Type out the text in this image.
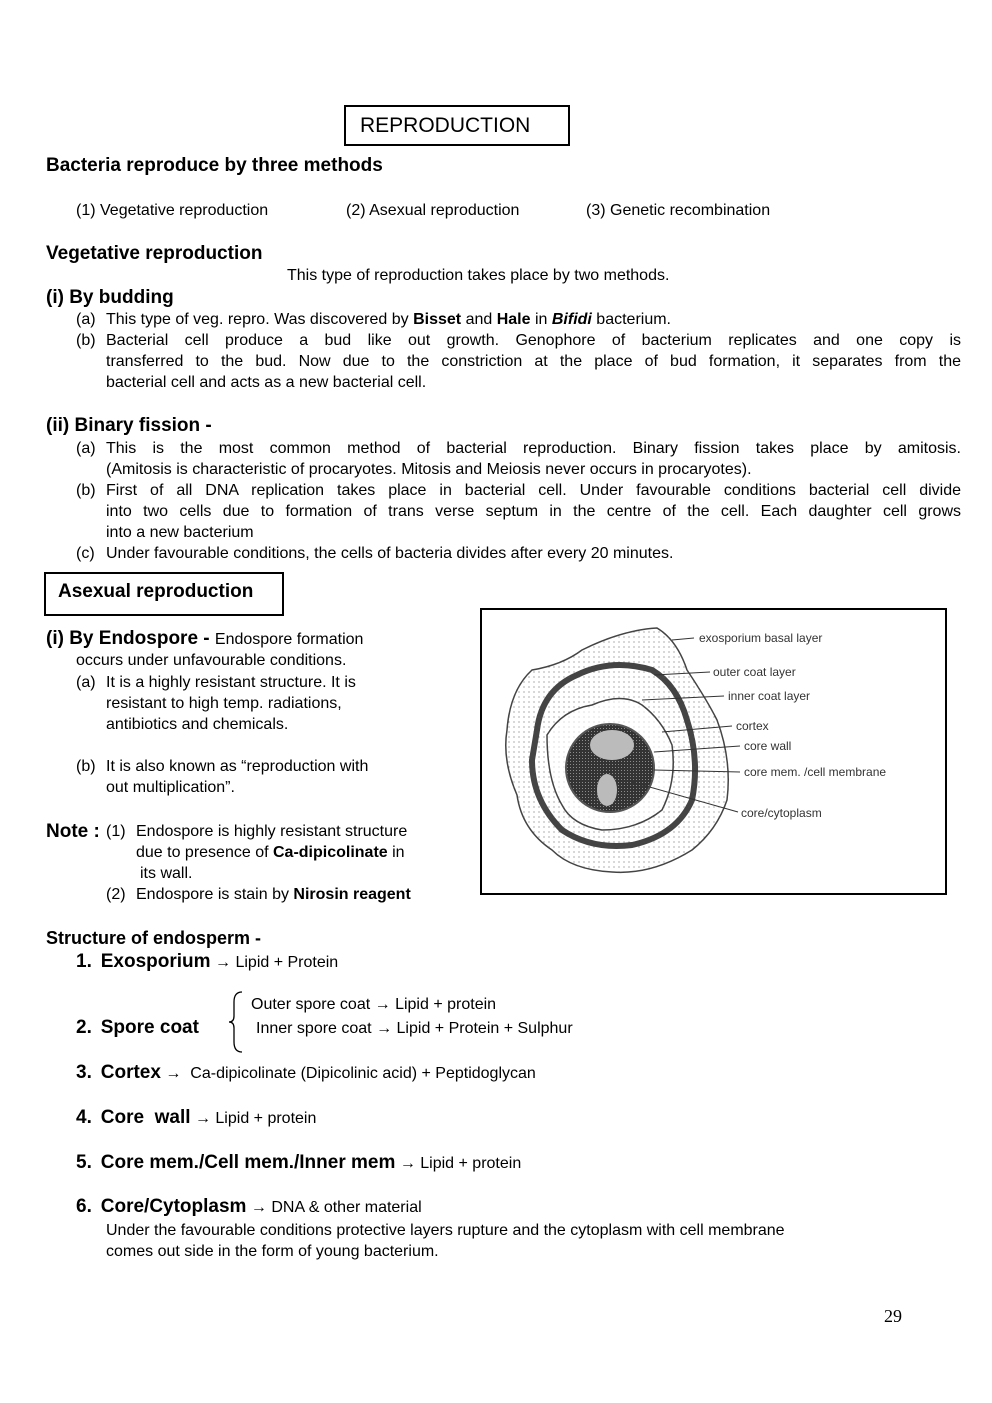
REPRODUCTION
Bacteria reproduce by three methods
(1) Vegetative reproduction	(2) Asexual reproduction	(3) Genetic recombination
Vegetative reproduction
This type of reproduction takes place by two methods.
(i) By budding
(a) This type of veg. repro. Was discovered by Bisset and Hale in Bifidi bacterium.
(b) Bacterial cell produce a bud like out growth. Genophore of bacterium replicates and one copy is
transferred to the bud. Now due to the constriction at the place of bud formation, it separates from the
bacterial cell and acts as a new bacterial cell.
(ii) Binary fission -
(a) This is the most common method of bacterial reproduction. Binary fission takes place by amitosis.
(Amitosis is characteristic of procaryotes. Mitosis and Meiosis never occurs in procaryotes).
(b) First of all DNA replication takes place in bacterial cell. Under favourable conditions bacterial cell divide
into two cells due to formation of trans verse septum in the centre of the cell. Each daughter cell grows
into a new bacterium
(c) Under favourable conditions, the cells of bacteria divides after every 20 minutes.
Asexual reproduction
(i) By Endospore - Endospore formation
occurs under unfavourable conditions.
(a) It is a highly resistant structure. It is
resistant to high temp. radiations,
antibiotics and chemicals.
(b) It is also known as “reproduction with
out multiplication”.
Note : (1) Endospore is highly resistant structure
due to presence of Ca-dipicolinate in
its wall.
(2) Endospore is stain by Nirosin reagent
exosporium basal layer
outer coat layer
inner coat layer
cortex
core wall
core mem. /cell membrane
core/cytoplasm
Structure of endosperm -
1. Exosporium → Lipid + Protein
2. Spore coat
Outer spore coat → Lipid + protein
Inner spore coat → Lipid + Protein + Sulphur
3. Cortex → Ca-dipicolinate (Dipicolinic acid) + Peptidoglycan
4. Core  wall → Lipid + protein
5. Core mem./Cell mem./Inner mem → Lipid + protein
6. Core/Cytoplasm → DNA & other material
Under the favourable conditions protective layers rupture and the cytoplasm with cell membrane
comes out side in the form of young bacterium.
29
